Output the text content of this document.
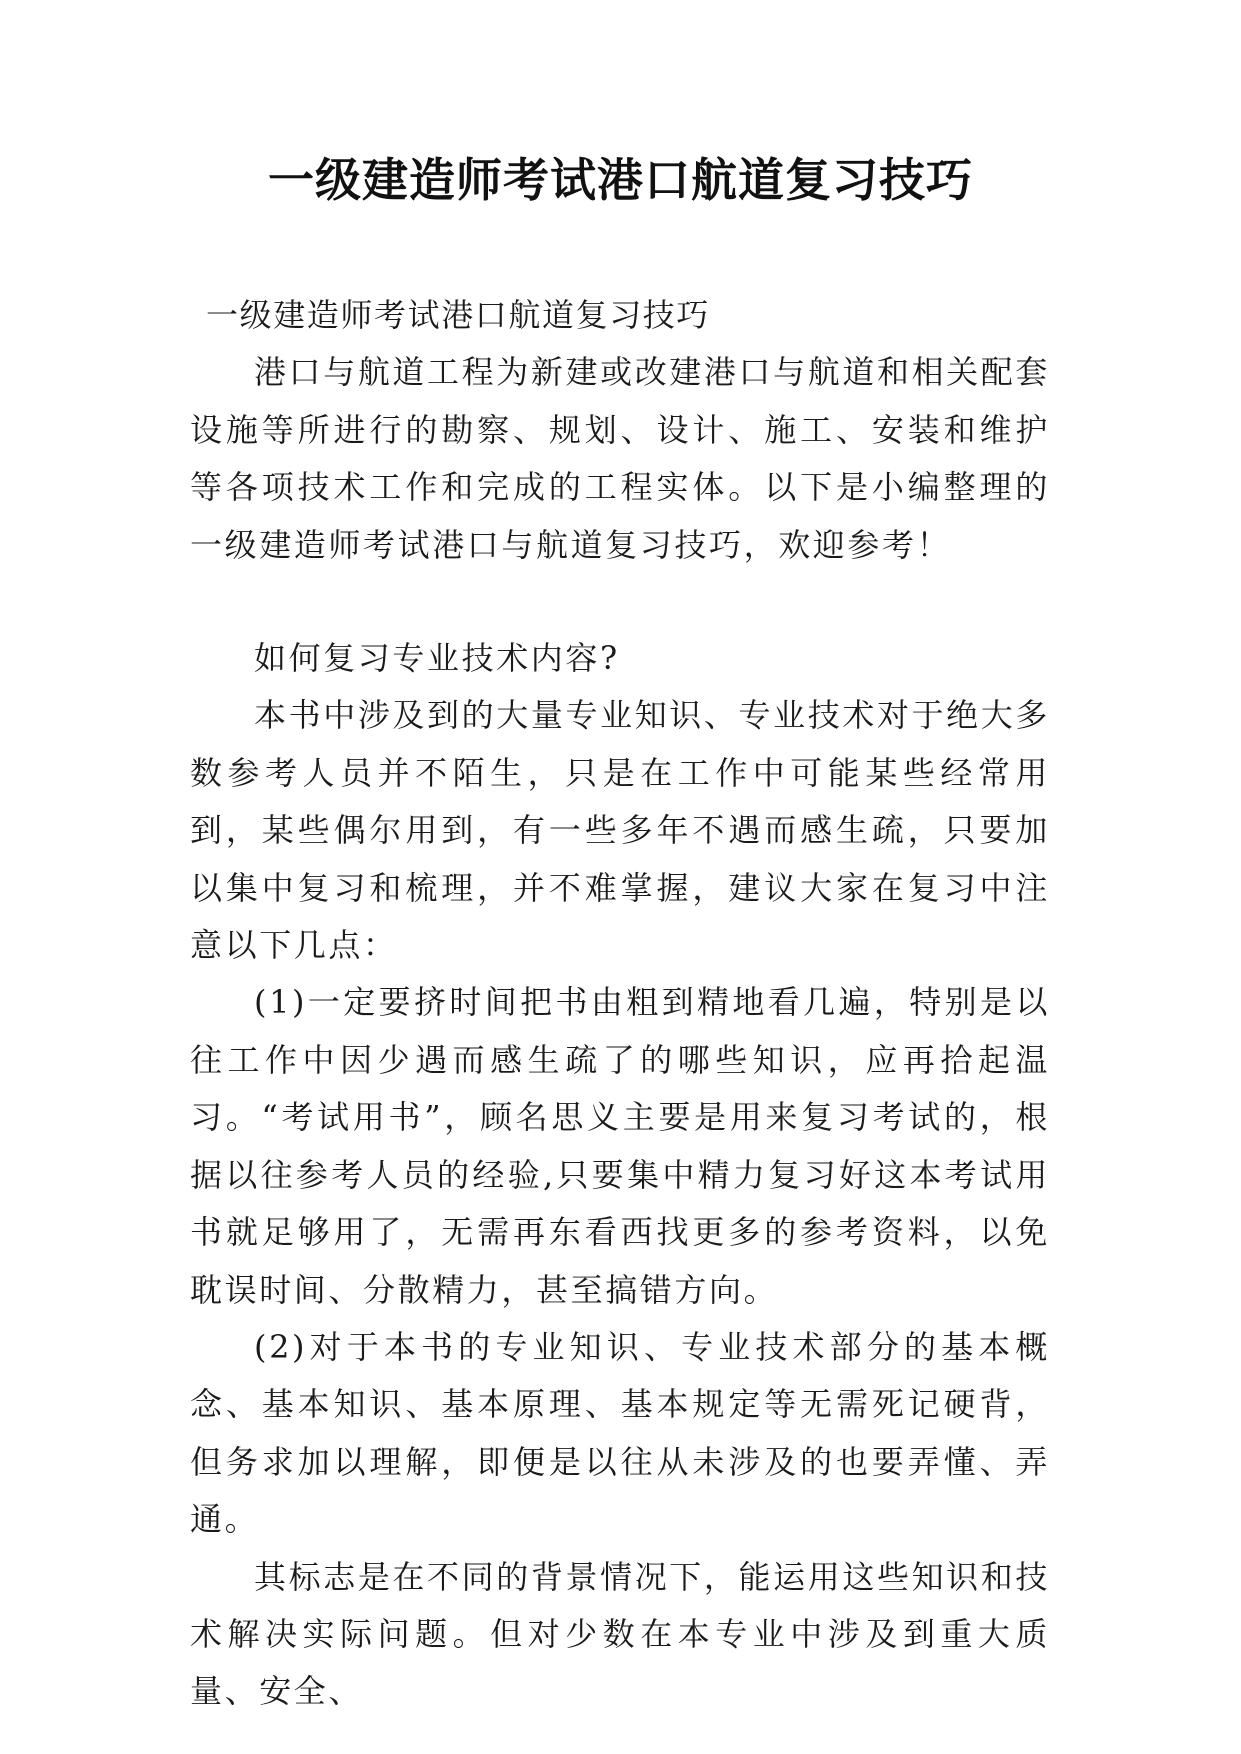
一级建造师考试港口航道复习技巧

一级建造师考试港口航道复习技巧

港口与航道工程为新建或改建港口与航道和相关配套设施等所进行的勘察、规划、设计、施工、安装和维护等各项技术工作和完成的工程实体。以下是小编整理的一级建造师考试港口与航道复习技巧，欢迎参考！

如何复习专业技术内容?

本书中涉及到的大量专业知识、专业技术对于绝大多数参考人员并不陌生，只是在工作中可能某些经常用到，某些偶尔用到，有一些多年不遇而感生疏，只要加以集中复习和梳理，并不难掌握，建议大家在复习中注意以下几点：

(1)一定要挤时间把书由粗到精地看几遍，特别是以往工作中因少遇而感生疏了的哪些知识，应再拾起温习。“考试用书”，顾名思义主要是用来复习考试的，根据以往参考人员的经验,只要集中精力复习好这本考试用书就足够用了，无需再东看西找更多的参考资料，以免耽误时间、分散精力，甚至搞错方向。

(2)对于本书的专业知识、专业技术部分的基本概念、基本知识、基本原理、基本规定等无需死记硬背，但务求加以理解，即便是以往从未涉及的也要弄懂、弄通。

其标志是在不同的背景情况下，能运用这些知识和技术解决实际问题。但对少数在本专业中涉及到重大质量、安全、
